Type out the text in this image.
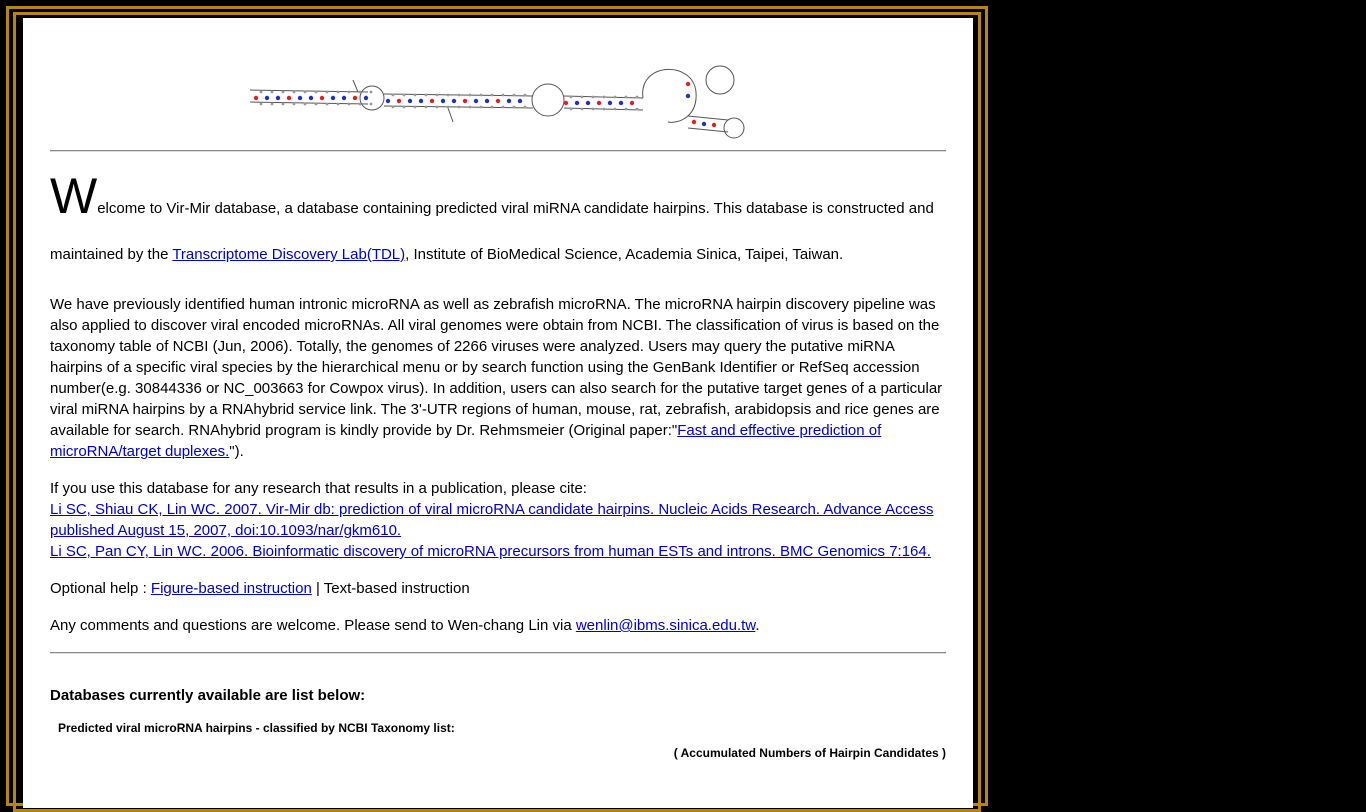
Welcome to Vir-Mir database, a database containing predicted viral miRNA candidate hairpins. This database is constructed and maintained by the Transcriptome Discovery Lab(TDL), Institute of BioMedical Science, Academia Sinica, Taipei, Taiwan.

We have previously identified human intronic microRNA as well as zebrafish microRNA. The microRNA hairpin discovery pipeline was also applied to discover viral encoded microRNAs. All viral genomes were obtain from NCBI. The classification of virus is based on the taxonomy table of NCBI (Jun, 2006). Totally, the genomes of 2266 viruses were analyzed. Users may query the putative miRNA hairpins of a specific viral species by the hierarchical menu or by search function using the GenBank Identifier or RefSeq accession number(e.g. 30844336 or NC_003663 for Cowpox virus). In addition, users can also search for the putative target genes of a particular viral miRNA hairpins by a RNAhybrid service link. The 3'-UTR regions of human, mouse, rat, zebrafish, arabidopsis and rice genes are available for search. RNAhybrid program is kindly provide by Dr. Rehmsmeier (Original paper:"Fast and effective prediction of microRNA/target duplexes.").

If you use this database for any research that results in a publication, please cite:
Li SC, Shiau CK, Lin WC. 2007. Vir-Mir db: prediction of viral microRNA candidate hairpins. Nucleic Acids Research. Advance Access published August 15, 2007, doi:10.1093/nar/gkm610.
Li SC, Pan CY, Lin WC. 2006. Bioinformatic discovery of microRNA precursors from human ESTs and introns. BMC Genomics 7:164.

Optional help : Figure-based instruction | Text-based instruction

Any comments and questions are welcome. Please send to Wen-chang Lin via wenlin@ibms.sinica.edu.tw.

Databases currently available are list below:
Predicted viral microRNA hairpins - classified by NCBI Taxonomy list:
( Accumulated Numbers of Hairpin Candidates )
